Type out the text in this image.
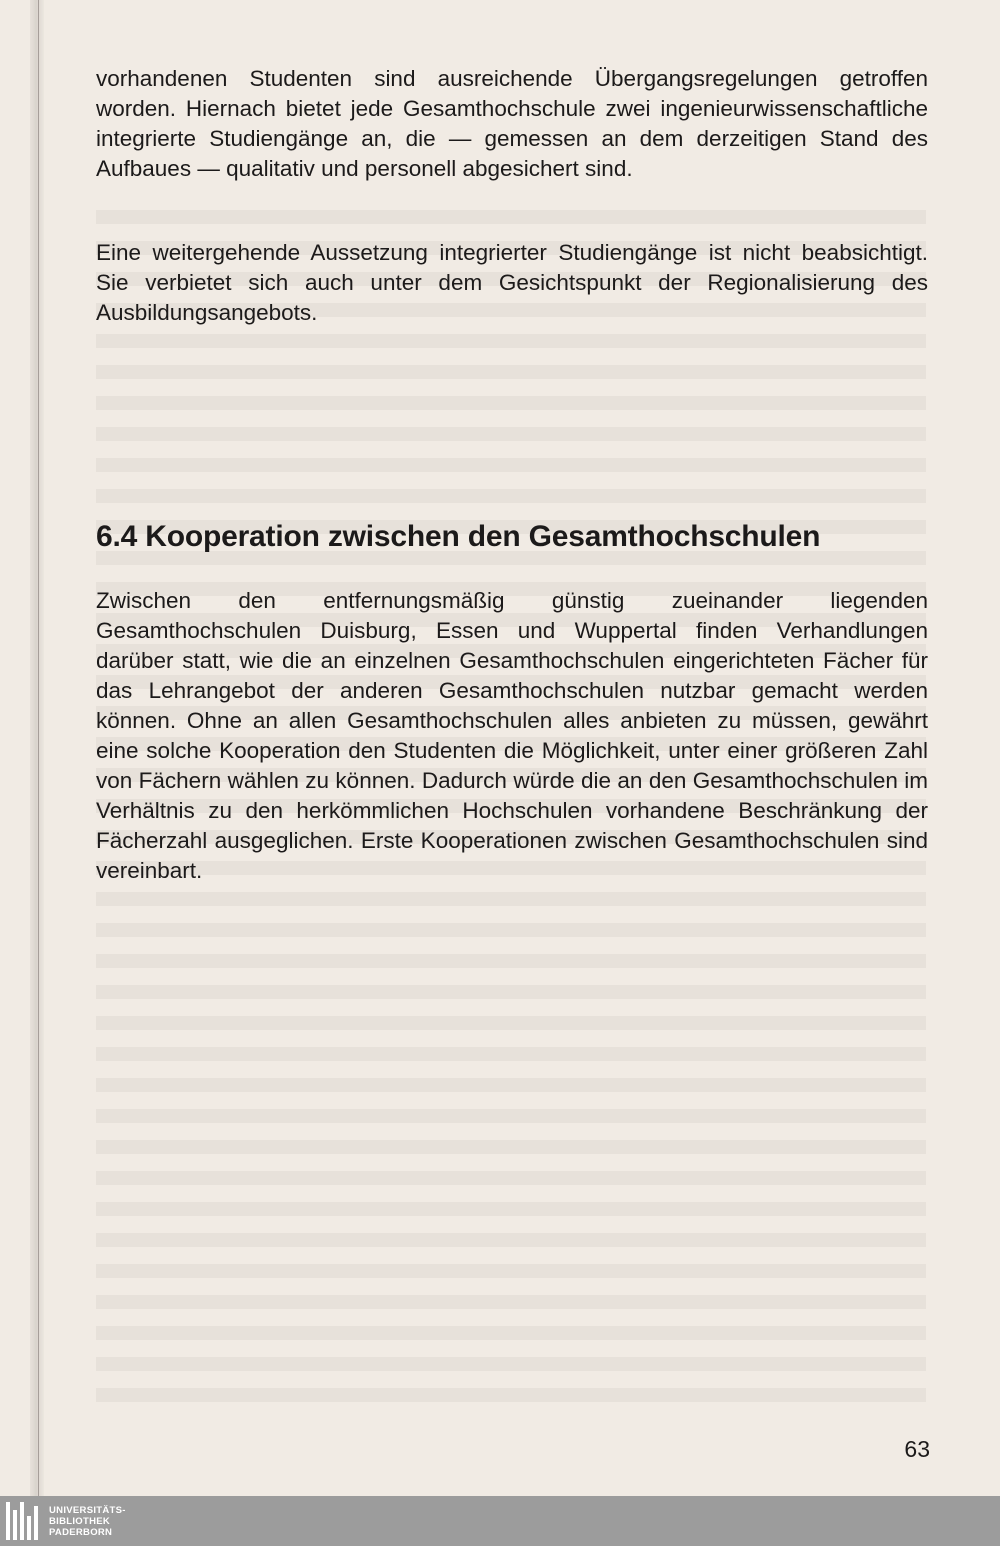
vorhandenen Studenten sind ausreichende Übergangsregelungen getroffen worden. Hiernach bietet jede Gesamthochschule zwei ingenieurwissenschaftliche integrierte Studiengänge an, die — gemessen an dem derzeitigen Stand des Aufbaues — qualitativ und personell abgesichert sind.

Eine weitergehende Aussetzung integrierter Studiengänge ist nicht beabsichtigt. Sie verbietet sich auch unter dem Gesichtspunkt der Regionalisierung des Ausbildungsangebots.

6.4 Kooperation zwischen den Gesamthochschulen

Zwischen den entfernungsmäßig günstig zueinander liegenden Gesamthochschulen Duisburg, Essen und Wuppertal finden Verhandlungen darüber statt, wie die an einzelnen Gesamthochschulen eingerichteten Fächer für das Lehrangebot der anderen Gesamthochschulen nutzbar gemacht werden können. Ohne an allen Gesamthochschulen alles anbieten zu müssen, gewährt eine solche Kooperation den Studenten die Möglichkeit, unter einer größeren Zahl von Fächern wählen zu können. Dadurch würde die an den Gesamthochschulen im Verhältnis zu den herkömmlichen Hochschulen vorhandene Beschränkung der Fächerzahl ausgeglichen. Erste Kooperationen zwischen Gesamthochschulen sind vereinbart.

63
UNIVERSITÄTS-
BIBLIOTHEK
PADERBORN
